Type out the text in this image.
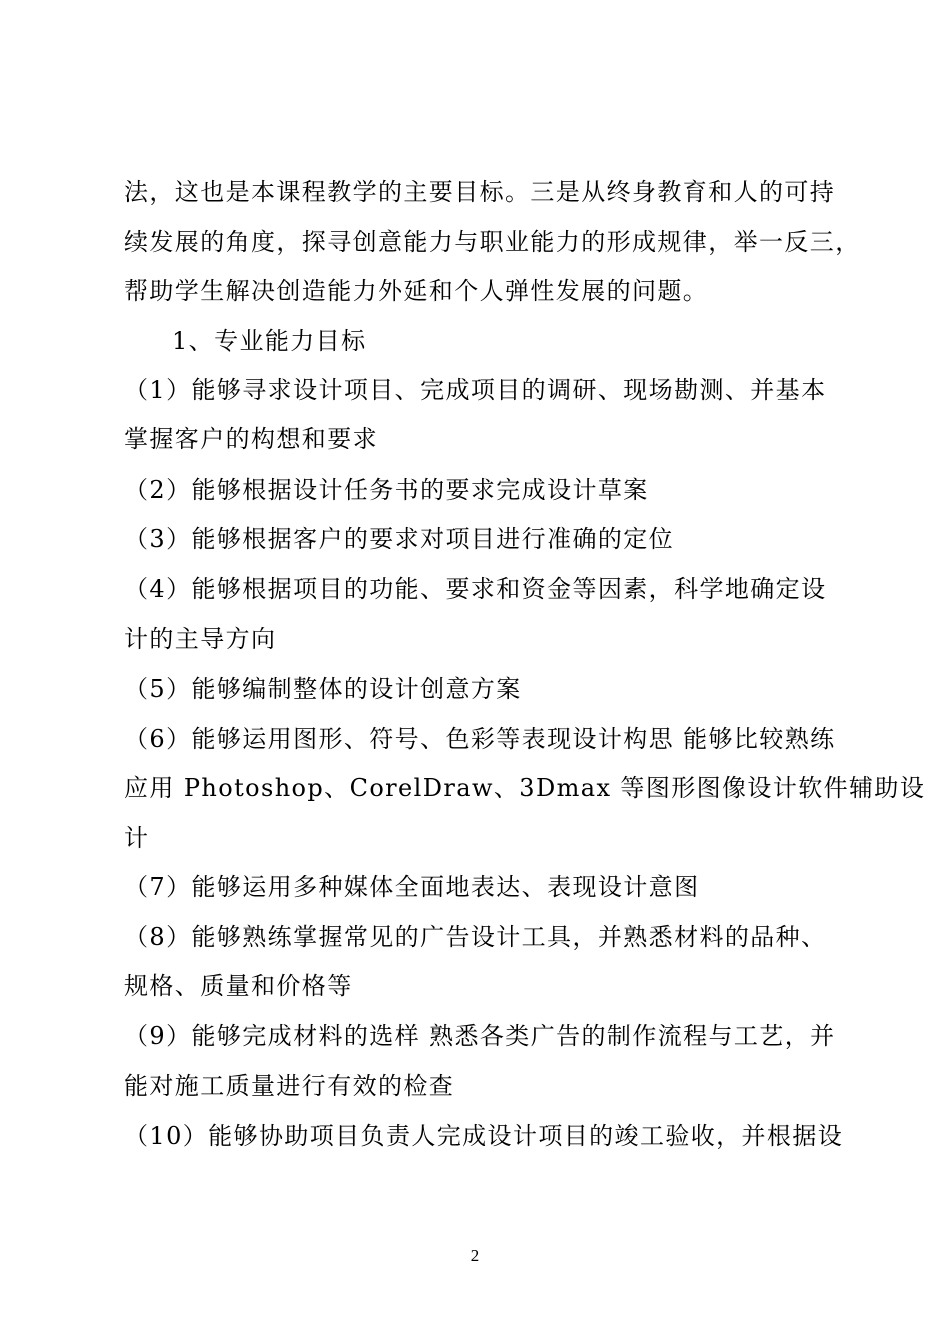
法，这也是本课程教学的主要目标。三是从终身教育和人的可持
续发展的角度，探寻创意能力与职业能力的形成规律，举一反三，
帮助学生解决创造能力外延和个人弹性发展的问题。
1、专业能力目标
（1）能够寻求设计项目、完成项目的调研、现场勘测、并基本
掌握客户的构想和要求
（2）能够根据设计任务书的要求完成设计草案
（3）能够根据客户的要求对项目进行准确的定位
（4）能够根据项目的功能、要求和资金等因素，科学地确定设
计的主导方向
（5）能够编制整体的设计创意方案
（6）能够运用图形、符号、色彩等表现设计构思 能够比较熟练
应用 Photoshop、CorelDraw、3Dmax 等图形图像设计软件辅助设
计
（7）能够运用多种媒体全面地表达、表现设计意图
（8）能够熟练掌握常见的广告设计工具，并熟悉材料的品种、
规格、质量和价格等
（9）能够完成材料的选样 熟悉各类广告的制作流程与工艺，并
能对施工质量进行有效的检查
（10）能够协助项目负责人完成设计项目的竣工验收，并根据设
2
